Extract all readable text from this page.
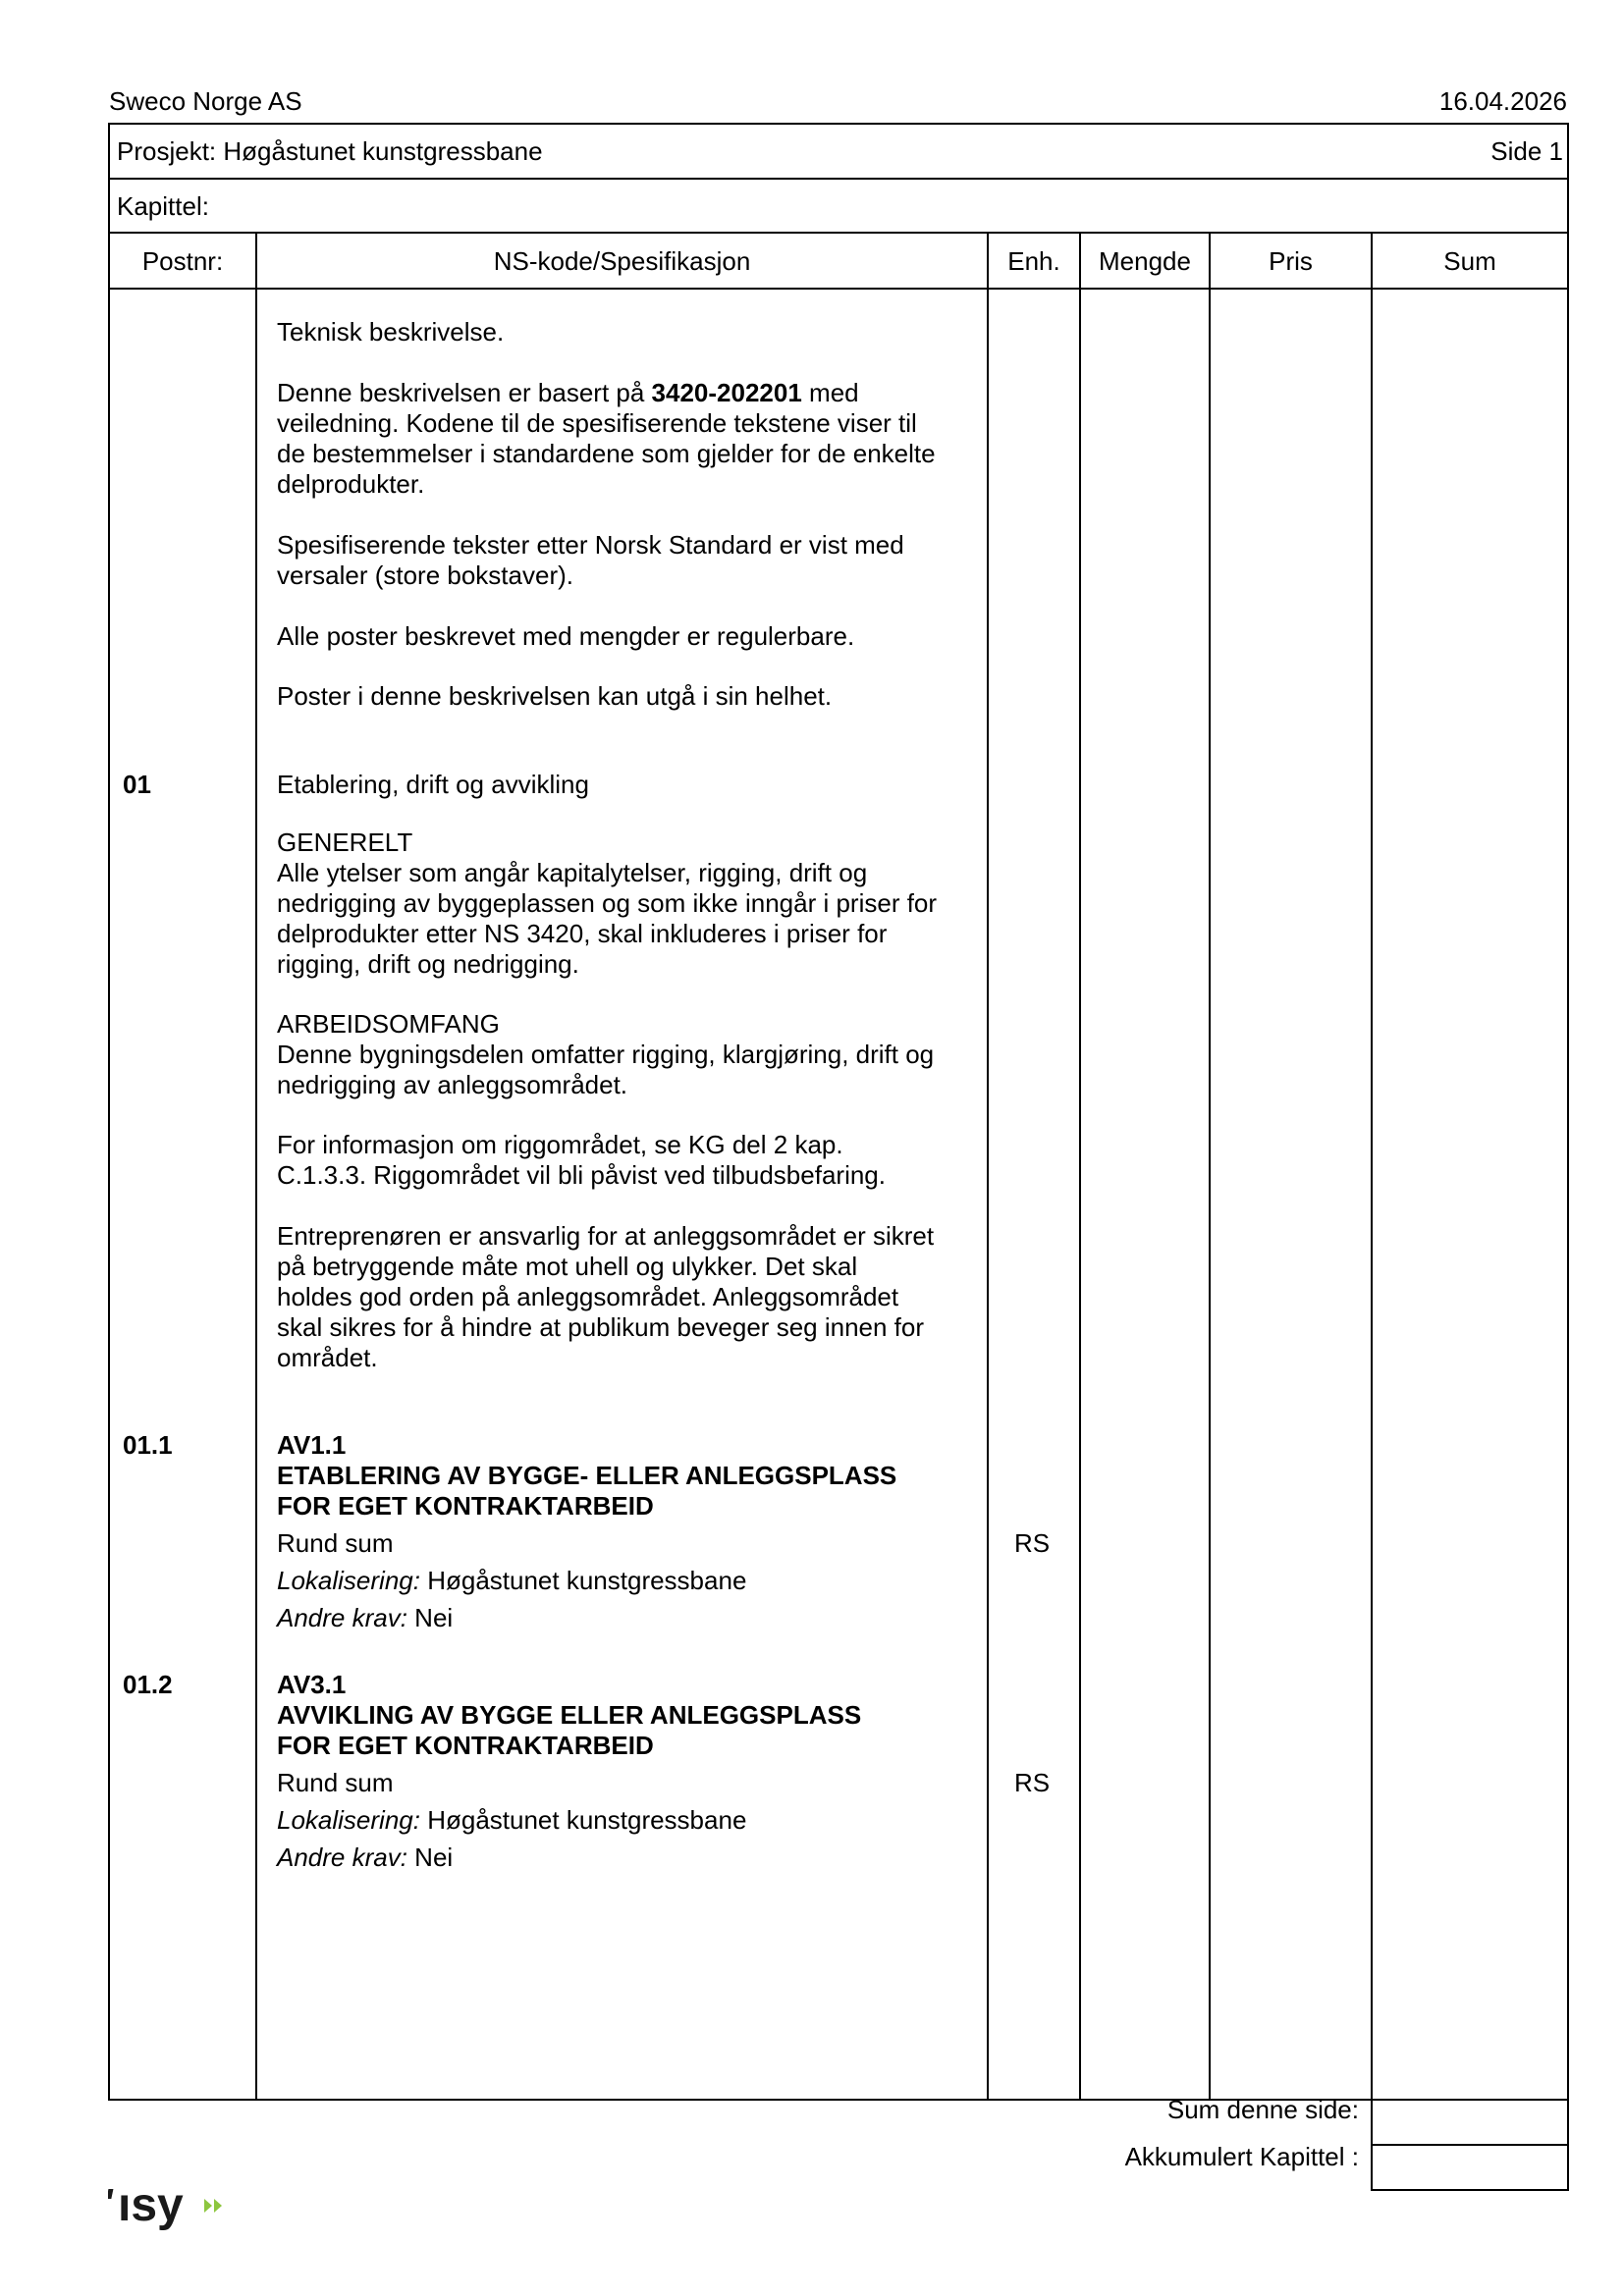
Sweco Norge AS	16.04.2026
Prosjekt: Høgåstunet kunstgressbane	Side 1
Kapittel:
Postnr:	NS-kode/Spesifikasjon	Enh.	Mengde	Pris	Sum
Teknisk beskrivelse.
Denne beskrivelsen er basert på 3420-202201 med
veiledning. Kodene til de spesifiserende tekstene viser til
de bestemmelser i standardene som gjelder for de enkelte
delprodukter.
Spesifiserende tekster etter Norsk Standard er vist med
versaler (store bokstaver).
Alle poster beskrevet med mengder er regulerbare.
Poster i denne beskrivelsen kan utgå i sin helhet.
01	Etablering, drift og avvikling
GENERELT
Alle ytelser som angår kapitalytelser, rigging, drift og
nedrigging av byggeplassen og som ikke inngår i priser for
delprodukter etter NS 3420, skal inkluderes i priser for
rigging, drift og nedrigging.
ARBEIDSOMFANG
Denne bygningsdelen omfatter rigging, klargjøring, drift og
nedrigging av anleggsområdet.
For informasjon om riggområdet, se KG del 2 kap.
C.1.3.3. Riggområdet vil bli påvist ved tilbudsbefaring.
Entreprenøren er ansvarlig for at anleggsområdet er sikret
på betryggende måte mot uhell og ulykker. Det skal
holdes god orden på anleggsområdet. Anleggsområdet
skal sikres for å hindre at publikum beveger seg innen for
området.
01.1	AV1.1
ETABLERING AV BYGGE- ELLER ANLEGGSPLASS
FOR EGET KONTRAKTARBEID
Rund sum	RS
Lokalisering: Høgåstunet kunstgressbane
Andre krav: Nei
01.2	AV3.1
AVVIKLING AV BYGGE ELLER ANLEGGSPLASS
FOR EGET KONTRAKTARBEID
Rund sum	RS
Lokalisering: Høgåstunet kunstgressbane
Andre krav: Nei
Sum denne side:
Akkumulert Kapittel :
ısy
